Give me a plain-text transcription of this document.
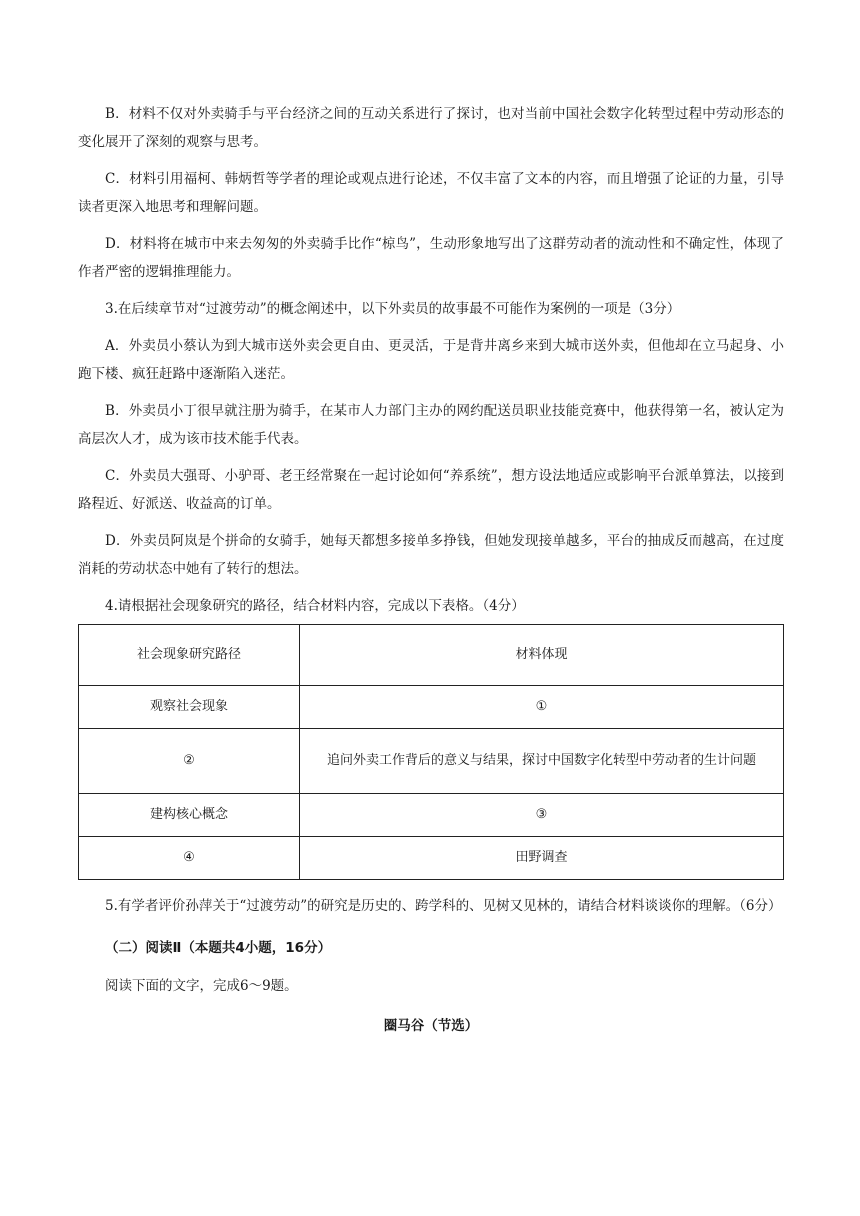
B．材料不仅对外卖骑手与平台经济之间的互动关系进行了探讨，也对当前中国社会数字化转型过程中劳动形态的变化展开了深刻的观察与思考。

C．材料引用福柯、韩炳哲等学者的理论或观点进行论述，不仅丰富了文本的内容，而且增强了论证的力量，引导读者更深入地思考和理解问题。

D．材料将在城市中来去匆匆的外卖骑手比作“椋鸟”，生动形象地写出了这群劳动者的流动性和不确定性，体现了作者严密的逻辑推理能力。

3.在后续章节对“过渡劳动”的概念阐述中，以下外卖员的故事最不可能作为案例的一项是（3分）

A．外卖员小蔡认为到大城市送外卖会更自由、更灵活，于是背井离乡来到大城市送外卖，但他却在立马起身、小跑下楼、疯狂赶路中逐渐陷入迷茫。

B．外卖员小丁很早就注册为骑手，在某市人力部门主办的网约配送员职业技能竞赛中，他获得第一名，被认定为高层次人才，成为该市技术能手代表。

C．外卖员大强哥、小驴哥、老王经常聚在一起讨论如何“养系统”，想方设法地适应或影响平台派单算法，以接到路程近、好派送、收益高的订单。

D．外卖员阿岚是个拼命的女骑手，她每天都想多接单多挣钱，但她发现接单越多，平台的抽成反而越高，在过度消耗的劳动状态中她有了转行的想法。

4.请根据社会现象研究的路径，结合材料内容，完成以下表格。（4分）

社会现象研究路径	材料体现
观察社会现象	①
②	追问外卖工作背后的意义与结果，探讨中国数字化转型中劳动者的生计问题
建构核心概念	③
④	田野调查

5.有学者评价孙萍关于“过渡劳动”的研究是历史的、跨学科的、见树又见林的，请结合材料谈谈你的理解。（6分）

（二）阅读Ⅱ（本题共4小题，16分）

阅读下面的文字，完成6～9题。

圈马谷（节选）
